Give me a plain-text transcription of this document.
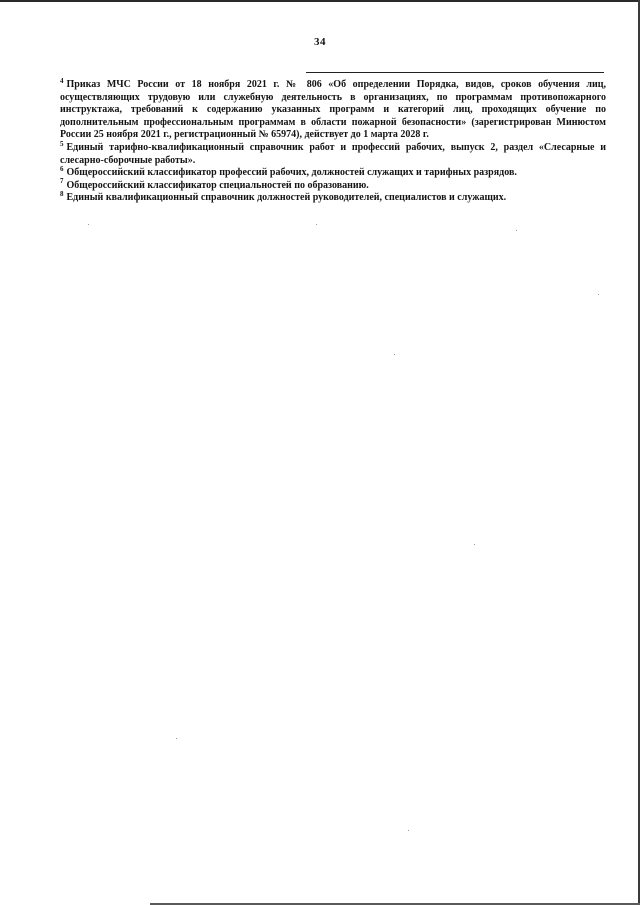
34

$^4$ Приказ МЧС России от 18 ноября 2021 г. № 806 «Об определении Порядка, видов, сроков обучения лиц, осуществляющих трудовую или служебную деятельность в организациях, по программам противопожарного инструктажа, требований к содержанию указанных программ и категорий лиц, проходящих обучение по дополнительным профессиональным программам в области пожарной безопасности» (зарегистрирован Минюстом России 25 ноября 2021 г., регистрационный № 65974), действует до 1 марта 2028 г.

$^5$ Единый тарифно-квалификационный справочник работ и профессий рабочих, выпуск 2, раздел «Слесарные и слесарно-сборочные работы».

$^6$ Общероссийский классификатор профессий рабочих, должностей служащих и тарифных разрядов.

$^7$ Общероссийский классификатор специальностей по образованию.

$^8$ Единый квалификационный справочник должностей руководителей, специалистов и служащих.
